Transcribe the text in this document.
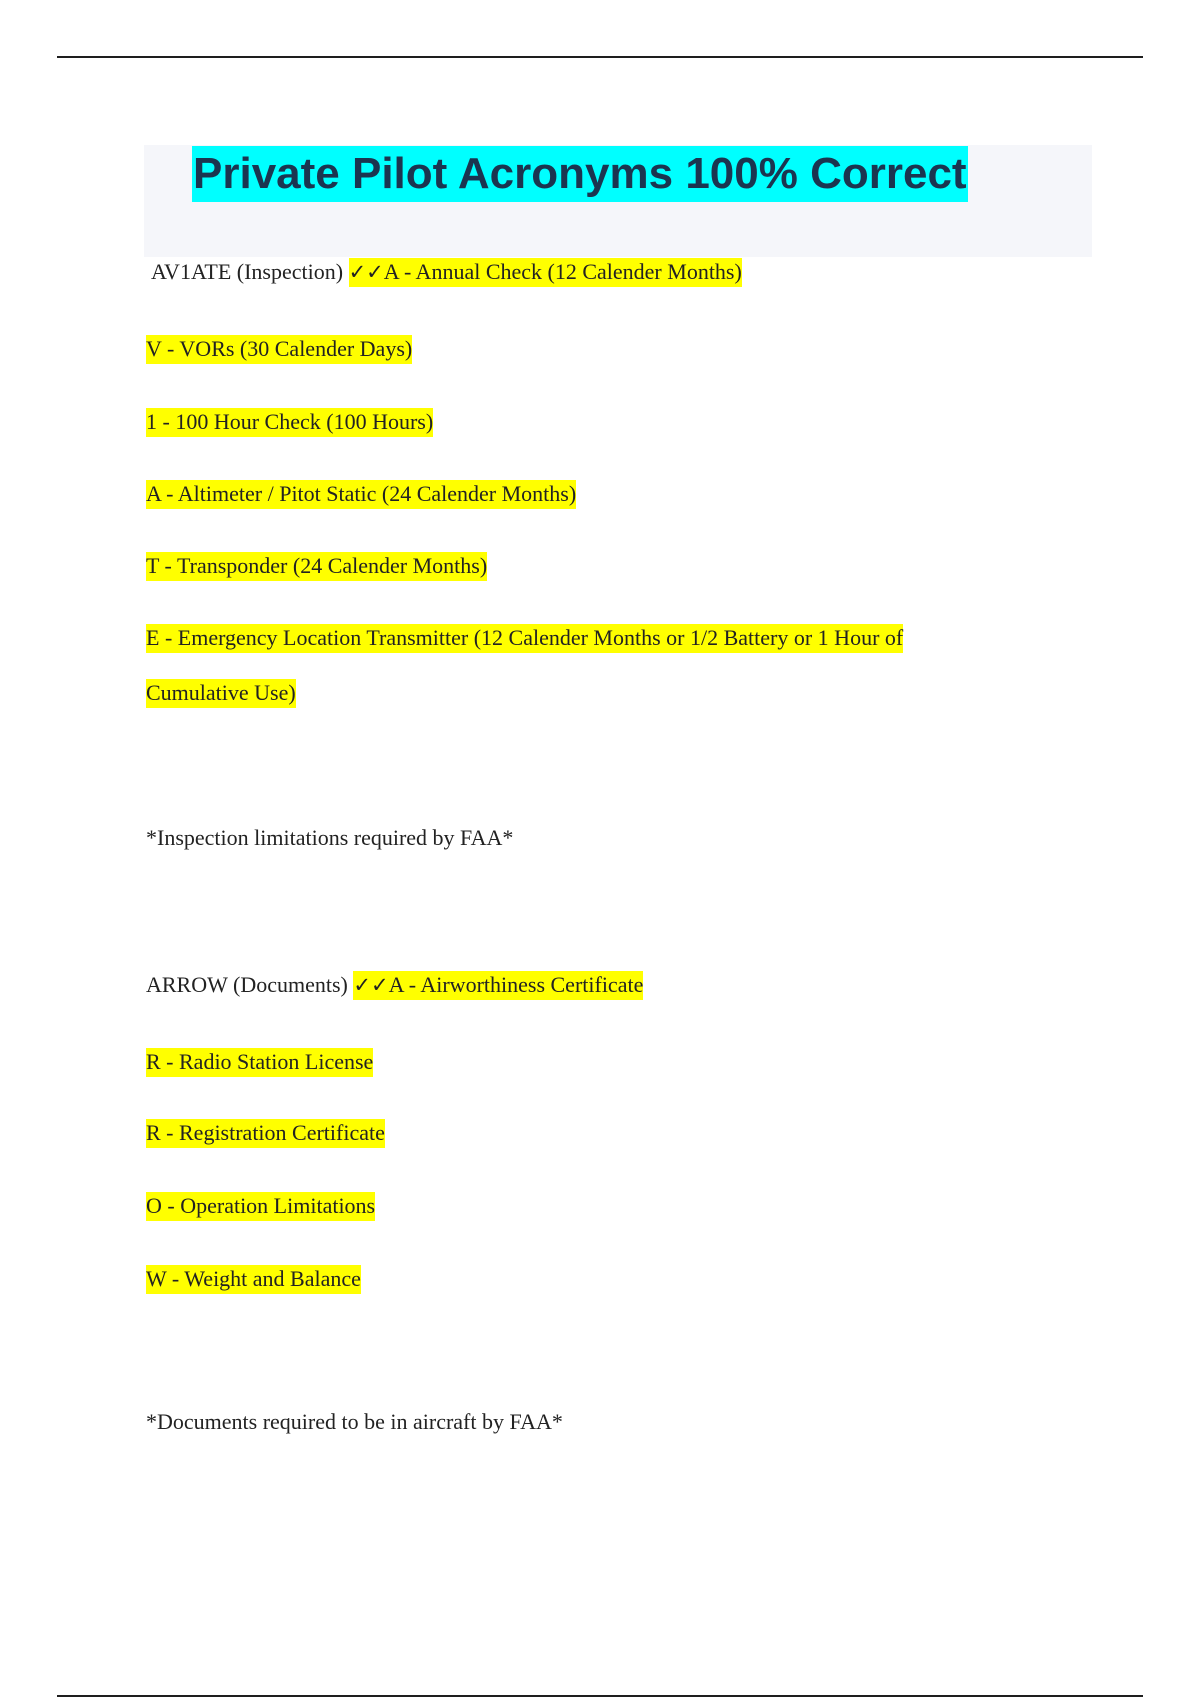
Private Pilot Acronyms 100% Correct
AV1ATE (Inspection) ✓✓A - Annual Check (12 Calender Months)
V - VORs (30 Calender Days)
1 - 100 Hour Check (100 Hours)
A - Altimeter / Pitot Static (24 Calender Months)
T - Transponder (24 Calender Months)
E - Emergency Location Transmitter (12 Calender Months or 1/2 Battery or 1 Hour of
Cumulative Use)
*Inspection limitations required by FAA*
ARROW (Documents) ✓✓A - Airworthiness Certificate
R - Radio Station License
R - Registration Certificate
O - Operation Limitations
W - Weight and Balance
*Documents required to be in aircraft by FAA*
